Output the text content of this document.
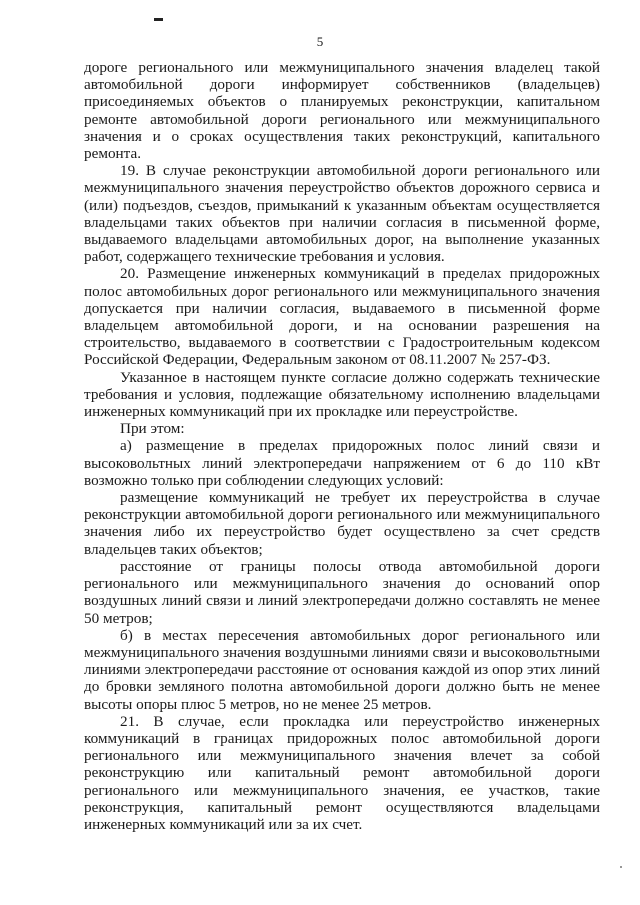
5

дороге регионального или межмуниципального значения владелец такой автомобильной дороги информирует собственников (владельцев) присоединяемых объектов о планируемых реконструкции, капитальном ремонте автомобильной дороги регионального или межмуниципального значения и о сроках осуществления таких реконструкций, капитального ремонта.

19. В случае реконструкции автомобильной дороги регионального или межмуниципального значения переустройство объектов дорожного сервиса и (или) подъездов, съездов, примыканий к указанным объектам осуществляется владельцами таких объектов при наличии согласия в письменной форме, выдаваемого владельцами автомобильных дорог, на выполнение указанных работ, содержащего технические требования и условия.

20. Размещение инженерных коммуникаций в пределах придорожных полос автомобильных дорог регионального или межмуниципального значения допускается при наличии согласия, выдаваемого в письменной форме владельцем автомобильной дороги, и на основании разрешения на строительство, выдаваемого в соответствии с Градостроительным кодексом Российской Федерации, Федеральным законом от 08.11.2007 № 257-ФЗ.

Указанное в настоящем пункте согласие должно содержать технические требования и условия, подлежащие обязательному исполнению владельцами инженерных коммуникаций при их прокладке или переустройстве.

При этом:

а) размещение в пределах придорожных полос линий связи и высоковольтных линий электропередачи напряжением от 6 до 110 кВт возможно только при соблюдении следующих условий:

размещение коммуникаций не требует их переустройства в случае реконструкции автомобильной дороги регионального или межмуниципального значения либо их переустройство будет осуществлено за счет средств владельцев таких объектов;

расстояние от границы полосы отвода автомобильной дороги регионального или межмуниципального значения до оснований опор воздушных линий связи и линий электропередачи должно составлять не менее 50 метров;

б) в местах пересечения автомобильных дорог регионального или межмуниципального значения воздушными линиями связи и высоковольтными линиями электропередачи расстояние от основания каждой из опор этих линий до бровки земляного полотна автомобильной дороги должно быть не менее высоты опоры плюс 5 метров, но не менее 25 метров.

21. В случае, если прокладка или переустройство инженерных коммуникаций в границах придорожных полос автомобильной дороги регионального или межмуниципального значения влечет за собой реконструкцию или капитальный ремонт автомобильной дороги регионального или межмуниципального значения, ее участков, такие реконструкция, капитальный ремонт осуществляются владельцами инженерных коммуникаций или за их счет.
